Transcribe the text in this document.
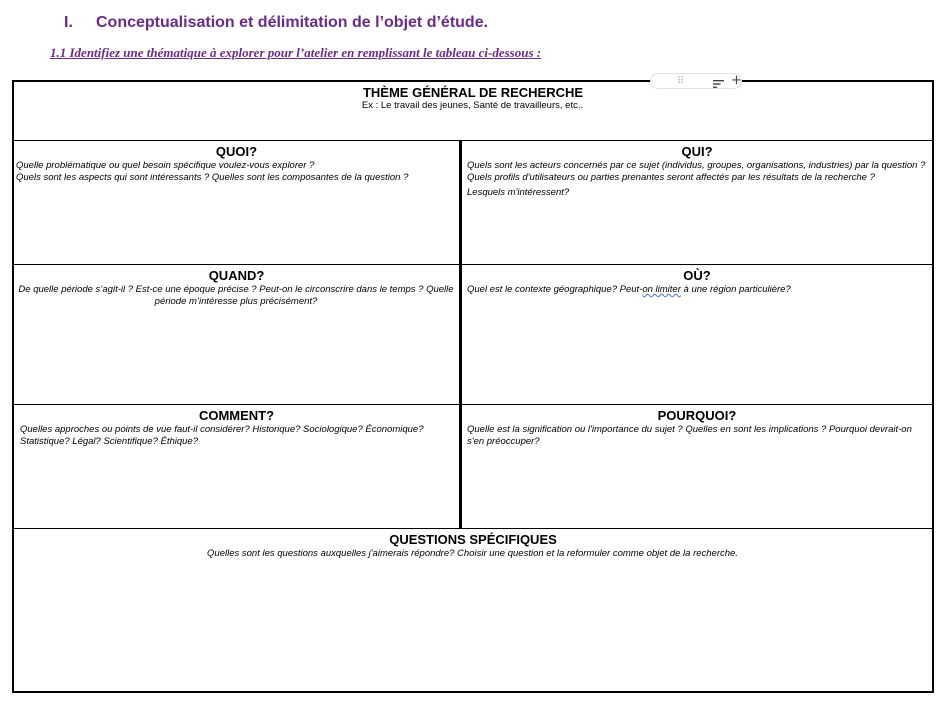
I. Conceptualisation et délimitation de l’objet d’étude.
1.1 Identifiez une thématique à explorer pour l’atelier en remplissant le tableau ci-dessous :
THÈME GÉNÉRAL DE RECHERCHE
Ex : Le travail des jeunes, Santé de travailleurs, etc..
QUOI?

Quelle problématique ou quel besoin spécifique voulez-vous explorer ?

Quels sont les aspects qui sont intéressants ? Quelles sont les composantes de la question ?

QUI?

Quels sont les acteurs concernés par ce sujet (individus, groupes, organisations, industries) par la question ? Quels profils d'utilisateurs ou parties prenantes seront affectés par les résultats de la recherche ?

Lesquels m'intéressent?

QUAND?
De quelle période s’agit-il ? Est-ce une époque précise ? Peut-on le circonscrire dans le temps ? Quelle période m’intéresse plus précisément?
OÙ?
Quel est le contexte géographique? Peut-on limiter à une région particulière?
COMMENT?
Quelles approches ou points de vue faut-il considérer? Historique? Sociologique? Économique? Statistique? Légal? Scientifique? Éthique?
POURQUOI?
Quelle est la signification ou l'importance du sujet ? Quelles en sont les implications ? Pourquoi devrait-on s'en préoccuper?
QUESTIONS SPÉCIFIQUES
Quelles sont les questions auxquelles j'aimerais répondre? Choisir une question et la reformuler comme objet de la recherche.
⠿	+
